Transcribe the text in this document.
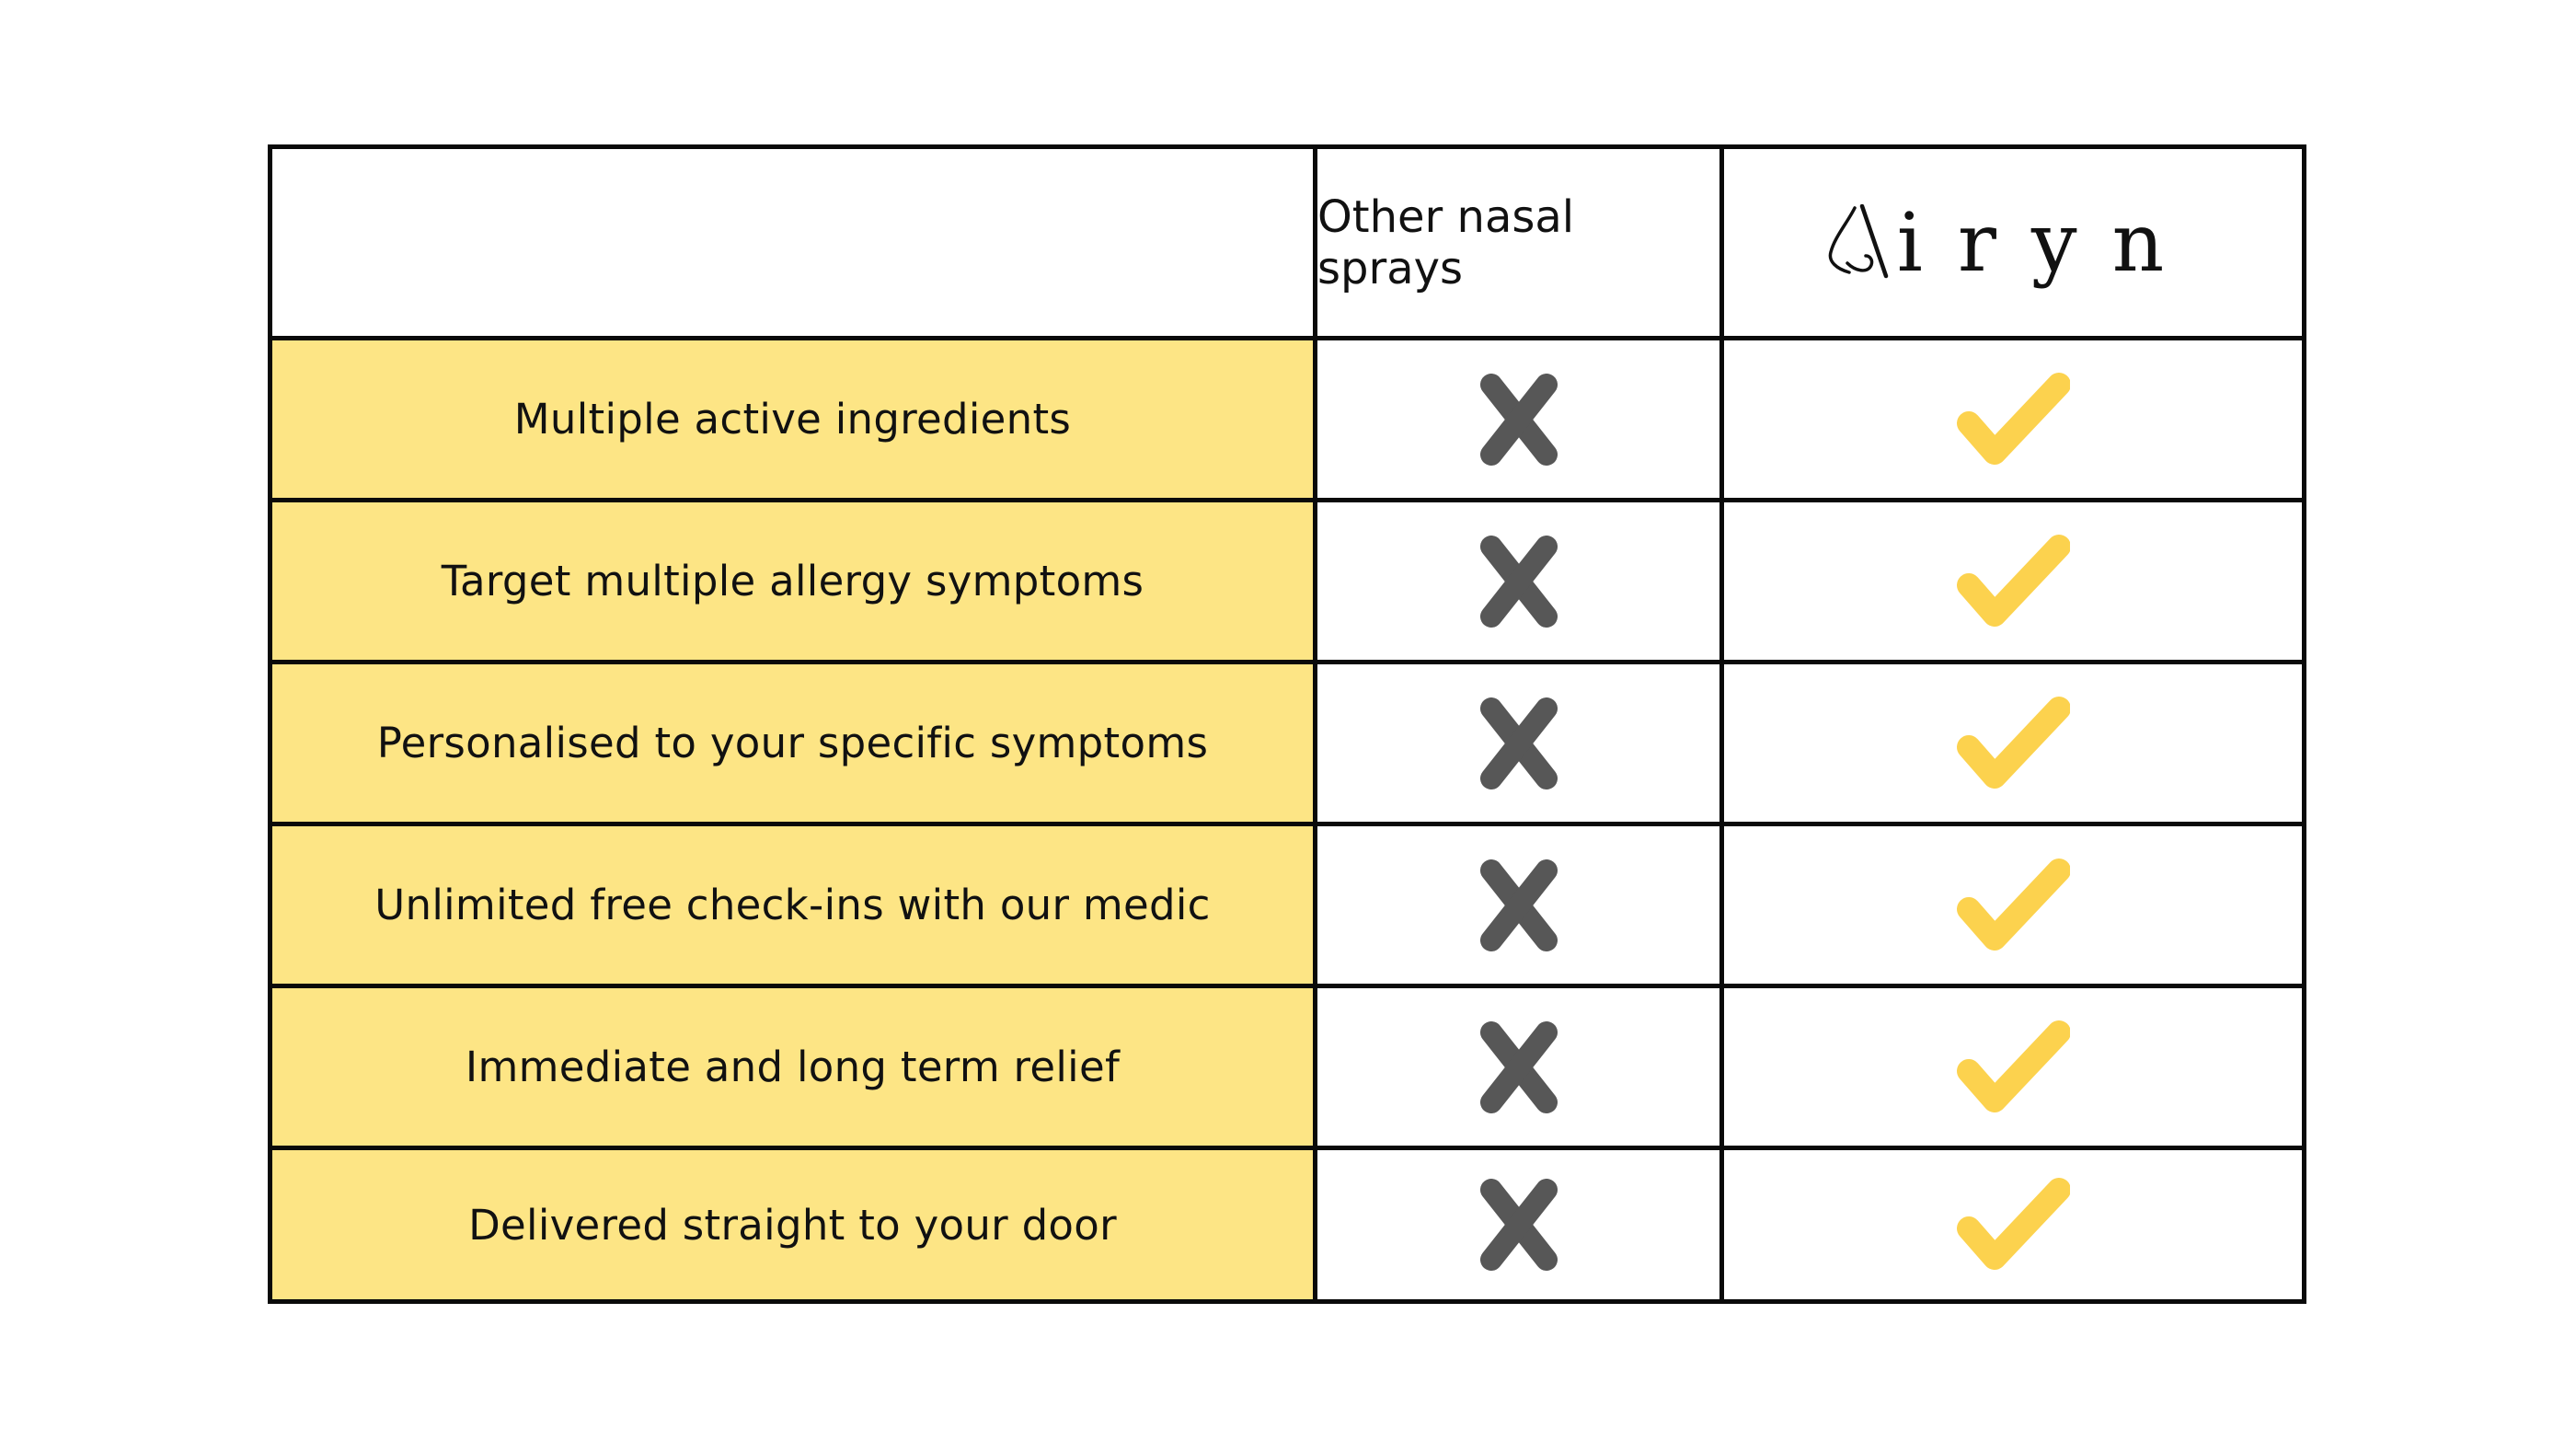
Other nasal sprays	iryn
Multiple active ingredients
Target multiple allergy symptoms
Personalised to your specific symptoms
Unlimited free check-ins with our medic
Immediate and long term relief
Delivered straight to your door
